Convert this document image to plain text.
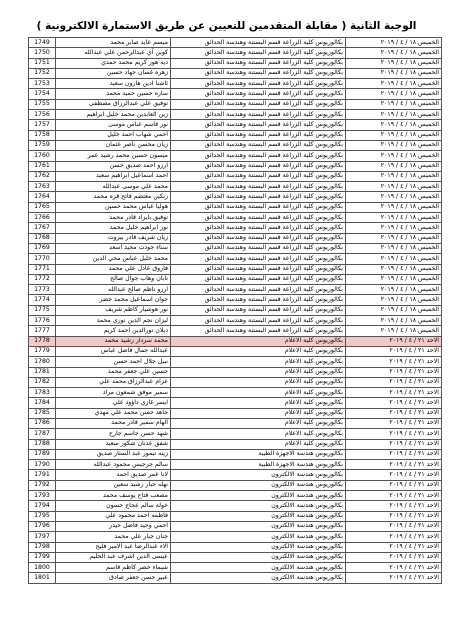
الوجبة الثانية ( مقابلة المتقدمين للتعيين عن طريق الاستمارة الالكترونية )
1749	ميسم عايد صابر محمد	بكالوريوس كلية الزراعة قسم البستنة وهندسة الحدائق	الخميس ١٨ / ٤ / ٢٠١٩
1750	كوين آي عبدالرحمن علي عبدالله	بكالوريوس كلية الزراعة قسم البستنة وهندسة الحدائق	الخميس ١٨ / ٤ / ٢٠١٩
1751	ديه هوز كريم محمد حمدي	بكالوريوس كلية الزراعة قسم البستنة وهندسة الحدائق	الخميس ١٨ / ٤ / ٢٠١٩
1752	زهره غسان جهاد حسين	بكالوريوس كلية الزراعة قسم البستنة وهندسة الحدائق	الخميس ١٨ / ٤ / ٢٠١٩
1753	ئاشنا ادين هارون سعيد	بكالوريوس كلية الزراعة قسم البستنة وهندسة الحدائق	الخميس ١٨ / ٤ / ٢٠١٩
1754	ساره حسين حميد محمد	بكالوريوس كلية الزراعة قسم البستنة وهندسة الحدائق	الخميس ١٨ / ٤ / ٢٠١٩
1755	توفيق علي عبدالرزاق مصطفى	بكالوريوس كلية الزراعة قسم البستنة وهندسة الحدائق	الخميس ١٨ / ٤ / ٢٠١٩
1756	زين العابدين محمد خليل ابراهيم	بكالوريوس كلية الزراعة قسم البستنة وهندسة الحدائق	الخميس ١٨ / ٤ / ٢٠١٩
1757	نور قاسم عباس موسى	بكالوريوس كلية الزراعة قسم البستنة وهندسة الحدائق	الخميس ١٨ / ٤ / ٢٠١٩
1758	احمي شهاب احمد خليل	بكالوريوس كلية الزراعة قسم البستنة وهندسة الحدائق	الخميس ١٨ / ٤ / ٢٠١٩
1759	زيان محسن ناصر عثمان	بكالوريوس كلية الزراعة قسم البستنة وهندسة الحدائق	الخميس ١٨ / ٤ / ٢٠١٩
1760	ميسون حسين محمد رشيد عمر	بكالوريوس كلية الزراعة قسم البستنة وهندسة الحدائق	الخميس ١٨ / ٤ / ٢٠١٩
1761	ارزو احمد صديق حسن	بكالوريوس كلية الزراعة قسم البستنة وهندسة الحدائق	الخميس ١٨ / ٤ / ٢٠١٩
1762	احمد اسماعيل ابراهيم سعيد	بكالوريوس كلية الزراعة قسم البستنة وهندسة الحدائق	الخميس ١٨ / ٤ / ٢٠١٩
1763	محمد علي موسى عبدالله	بكالوريوس كلية الزراعة قسم البستنة وهندسة الحدائق	الخميس ١٨ / ٤ / ٢٠١٩
1764	زنكين معتصم فاتح قره محمد	بكالوريوس كلية الزراعة قسم البستنة وهندسة الحدائق	الخميس ١٨ / ٤ / ٢٠١٩
1765	هوليا عباس محمد حسين	بكالوريوس كلية الزراعة قسم البستنة وهندسة الحدائق	الخميس ١٨ / ٤ / ٢٠١٩
1766	توفيق بايزاد قادر محمد	بكالوريوس كلية الزراعة قسم البستنة وهندسة الحدائق	الخميس ١٨ / ٤ / ٢٠١٩
1767	نور ابراهيم خليل محمد	بكالوريوس كلية الزراعة قسم البستنة وهندسة الحدائق	الخميس ١٨ / ٤ / ٢٠١٩
1768	زيان شريف قادر بيروت	بكالوريوس كلية الزراعة قسم البستنة وهندسة الحدائق	الخميس ١٨ / ٤ / ٢٠١٩
1769	سناء جودت مجيد أسعد	بكالوريوس كلية الزراعة قسم البستنة وهندسة الحدائق	الخميس ١٨ / ٤ / ٢٠١٩
1770	محمد خليل عباس محي الدين	بكالوريوس كلية الزراعة قسم البستنة وهندسة الحدائق	الخميس ١٨ / ٤ / ٢٠١٩
1771	فاروق عادل علي محمد	بكالوريوس كلية الزراعة قسم البستنة وهندسة الحدائق	الخميس ١٨ / ٤ / ٢٠١٩
1772	تابان وهاب جوال صالح	بكالوريوس كلية الزراعة قسم البستنة وهندسة الحدائق	الخميس ١٨ / ٤ / ٢٠١٩
1773	ارزو ناظم صالح عبدالله	بكالوريوس كلية الزراعة قسم البستنة وهندسة الحدائق	الخميس ١٨ / ٤ / ٢٠١٩
1774	جوان اسماعيل محمد خضر	بكالوريوس كلية الزراعة قسم البستنة وهندسة الحدائق	الخميس ١٨ / ٤ / ٢٠١٩
1775	نور هوشيار كاظم شريف	بكالوريوس كلية الزراعة قسم البستنة وهندسة الحدائق	الخميس ١٨ / ٤ / ٢٠١٩
1776	ليزان نجم الدين نوري محمد	بكالوريوس كلية الزراعة قسم البستنة وهندسة الحدائق	الخميس ١٨ / ٤ / ٢٠١٩
1777	ديلان نورالدين احمد كريم	بكالوريوس كلية الزراعة قسم البستنة وهندسة الحدائق	الخميس ١٨ / ٤ / ٢٠١٩
1778	محمد سردار رشيد محمد	بكالوريوس كلية الاعلام	الاحد ٢١ / ٤ / ٢٠١٩
1779	عبدالله جمال فاضل عباس	بكالوريوس كلية الاعلام	الاحد ٢١ / ٤ / ٢٠١٩
1780	نبيل جلال احمد حسن	بكالوريوس كلية الاعلام	الاحد ٢١ / ٤ / ٢٠١٩
1781	حسين علي جعفر محمد	بكالوريوس كلية الاعلام	الاحد ٢١ / ٤ / ٢٠١٩
1782	عزام عبدالرزاق محمد علي	بكالوريوس كلية الاعلام	الاحد ٢١ / ٤ / ٢٠١٩
1783	سمير موفق شمعون مراد	بكالوريوس كلية الاعلام	الاحد ٢١ / ٤ / ٢٠١٩
1784	ايسر غازي داؤود علي	بكالوريوس كلية الاعلام	الاحد ٢١ / ٤ / ٢٠١٩
1785	جاهد حسن محمد علي مهدي	بكالوريوس كلية الاعلام	الاحد ٢١ / ٤ / ٢٠١٩
1786	الهام سمير قادر محمد	بكالوريوس كلية الاعلام	الاحد ٢١ / ٤ / ٢٠١٩
1787	شهد حسن جاسم جارح	بكالوريوس كلية الاعلام	الاحد ٢١ / ٤ / ٢٠١٩
1788	شفق عدنان شكور سعيد	بكالوريوس كلية الاعلام	الاحد ٢١ / ٤ / ٢٠١٩
1789	زينه تيمور عبد الستار صديق	بكالوريوس هندسة الاجهزة الطبية	الاحد ٢١ / ٤ / ٢٠١٩
1790	سالم جرجيس محمود عبدالله	بكالوريوس هندسة الاجهزة الطبية	الاحد ٢١ / ٤ / ٢٠١٩
1791	لانا عمر صديق احمد	بكالوريوس هندسة الالكترون	الاحد ٢١ / ٤ / ٢٠١٩
1792	نهله جبار رشيد سعين	بكالوريوس هندسة الالكترون	الاحد ٢١ / ٤ / ٢٠١٩
1793	مصعب فتاح يوسف محمد	بكالوريوس هندسة الالكترون	الاحد ٢١ / ٤ / ٢٠١٩
1794	خولة سالم عجاج حسون	بكالوريوس هندسة الالكترون	الاحد ٢١ / ٤ / ٢٠١٩
1795	فاطمه احمد محمود علي	بكالوريوس هندسة الالكترون	الاحد ٢١ / ٤ / ٢٠١٩
1796	احمي وحيد فاضل حيدر	بكالوريوس هندسة الالكترون	الاحد ٢١ / ٤ / ٢٠١٩
1797	جنان جبار علي محمد	بكالوريوس هندسة الالكترون	الاحد ٢١ / ٤ / ٢٠١٩
1798	الاء عبدالرضا عبد الامير فليح	بكالوريوس هندسة الالكترون	الاحد ٢١ / ٤ / ٢٠١٩
1799	عيسى الدين اشرف عبد الحليم	بكالوريوس هندسة الالكترون	الاحد ٢١ / ٤ / ٢٠١٩
1800	شيماء خضر كاظم قاسم	بكالوريوس هندسة الالكترون	الاحد ٢١ / ٤ / ٢٠١٩
1801	عبير حسن جعفر صادق	بكالوريوس هندسة الالكترون	الاحد ٢١ / ٤ / ٢٠١٩
